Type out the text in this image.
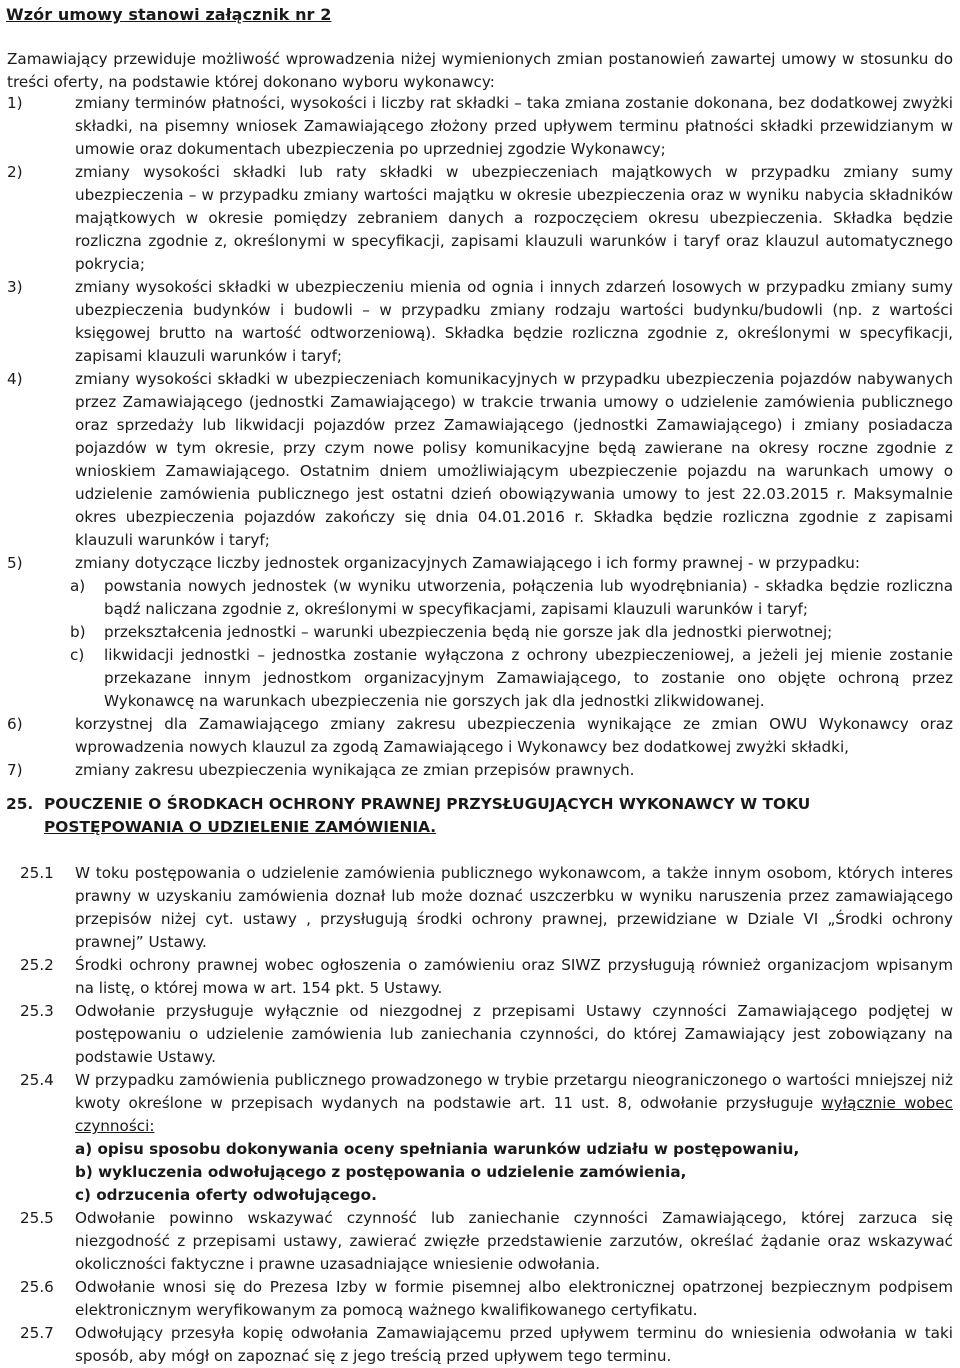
Wzór umowy stanowi załącznik nr 2
Zamawiający przewiduje możliwość wprowadzenia niżej wymienionych zmian postanowień zawartej umowy w stosunku do treści oferty, na podstawie której dokonano wyboru wykonawcy:
1)	zmiany terminów płatności, wysokości i liczby rat składki – taka zmiana zostanie dokonana, bez dodatkowej zwyżki składki, na pisemny wniosek Zamawiającego złożony przed upływem terminu płatności składki przewidzianym w umowie oraz dokumentach ubezpieczenia po uprzedniej zgodzie Wykonawcy;
2)	zmiany wysokości składki lub raty składki w ubezpieczeniach majątkowych w przypadku zmiany sumy ubezpieczenia – w przypadku zmiany wartości majątku w okresie ubezpieczenia oraz w wyniku nabycia składników majątkowych w okresie pomiędzy zebraniem danych a rozpoczęciem okresu ubezpieczenia. Składka będzie rozliczna zgodnie z, określonymi w specyfikacji, zapisami klauzuli warunków i taryf oraz klauzul automatycznego pokrycia;
3)	zmiany wysokości składki w ubezpieczeniu mienia od ognia i innych zdarzeń losowych w przypadku zmiany sumy ubezpieczenia budynków i budowli – w przypadku zmiany rodzaju wartości budynku/budowli (np. z wartości księgowej brutto na wartość odtworzeniową). Składka będzie rozliczna zgodnie z, określonymi w specyfikacji, zapisami klauzuli warunków i taryf;
4)	zmiany wysokości składki w ubezpieczeniach komunikacyjnych w przypadku ubezpieczenia pojazdów nabywanych przez Zamawiającego (jednostki Zamawiającego) w trakcie trwania umowy o udzielenie zamówienia publicznego oraz sprzedaży lub likwidacji pojazdów przez Zamawiającego (jednostki Zamawiającego) i zmiany posiadacza pojazdów w tym okresie, przy czym nowe polisy komunikacyjne będą zawierane na okresy roczne zgodnie z wnioskiem Zamawiającego. Ostatnim dniem umożliwiającym ubezpieczenie pojazdu na warunkach umowy o udzielenie zamówienia publicznego jest ostatni dzień obowiązywania umowy to jest 22.03.2015 r. Maksymalnie okres ubezpieczenia pojazdów zakończy się dnia 04.01.2016 r. Składka będzie rozliczna zgodnie z zapisami klauzuli warunków i taryf;
5)	zmiany dotyczące liczby jednostek organizacyjnych Zamawiającego i ich formy prawnej - w przypadku:
a) powstania nowych jednostek (w wyniku utworzenia, połączenia lub wyodrębniania) - składka będzie rozliczna bądź naliczana zgodnie z, określonymi w specyfikacjami, zapisami klauzuli warunków i taryf;
b) przekształcenia jednostki – warunki ubezpieczenia będą nie gorsze jak dla jednostki pierwotnej;
c) likwidacji jednostki – jednostka zostanie wyłączona z ochrony ubezpieczeniowej, a jeżeli jej mienie zostanie przekazane innym jednostkom organizacyjnym Zamawiającego, to zostanie ono objęte ochroną przez Wykonawcę na warunkach ubezpieczenia nie gorszych jak dla jednostki zlikwidowanej.
6)	korzystnej dla Zamawiającego zmiany zakresu ubezpieczenia wynikające ze zmian OWU Wykonawcy oraz wprowadzenia nowych klauzul za zgodą Zamawiającego i Wykonawcy bez dodatkowej zwyżki składki,
7)	zmiany zakresu ubezpieczenia wynikająca ze zmian przepisów prawnych.
25. POUCZENIE O ŚRODKACH OCHRONY PRAWNEJ PRZYSŁUGUJĄCYCH WYKONAWCY W TOKU
POSTĘPOWANIA O UDZIELENIE ZAMÓWIENIA.
25.1 W toku postępowania o udzielenie zamówienia publicznego wykonawcom, a także innym osobom, których interes prawny w uzyskaniu zamówienia doznał lub może doznać uszczerbku w wyniku naruszenia przez zamawiającego przepisów niżej cyt. ustawy , przysługują środki ochrony prawnej, przewidziane w Dziale VI „Środki ochrony prawnej” Ustawy.
25.2 Środki ochrony prawnej wobec ogłoszenia o zamówieniu oraz SIWZ przysługują również organizacjom wpisanym na listę, o której mowa w art. 154 pkt. 5 Ustawy.
25.3 Odwołanie przysługuje wyłącznie od niezgodnej z przepisami Ustawy czynności Zamawiającego podjętej w postępowaniu o udzielenie zamówienia lub zaniechania czynności, do której Zamawiający jest zobowiązany na podstawie Ustawy.
25.4 W przypadku zamówienia publicznego prowadzonego w trybie przetargu nieograniczonego o wartości mniejszej niż kwoty określone w przepisach wydanych na podstawie art. 11 ust. 8, odwołanie przysługuje wyłącznie wobec czynności:
a) opisu sposobu dokonywania oceny spełniania warunków udziału w postępowaniu,
b) wykluczenia odwołującego z postępowania o udzielenie zamówienia,
c) odrzucenia oferty odwołującego.
25.5 Odwołanie powinno wskazywać czynność lub zaniechanie czynności Zamawiającego, której zarzuca się niezgodność z przepisami ustawy, zawierać zwięzłe przedstawienie zarzutów, określać żądanie oraz wskazywać okoliczności faktyczne i prawne uzasadniające wniesienie odwołania.
25.6 Odwołanie wnosi się do Prezesa Izby w formie pisemnej albo elektronicznej opatrzonej bezpiecznym podpisem elektronicznym weryfikowanym za pomocą ważnego kwalifikowanego certyfikatu.
25.7 Odwołujący przesyła kopię odwołania Zamawiającemu przed upływem terminu do wniesienia odwołania w taki sposób, aby mógł on zapoznać się z jego treścią przed upływem tego terminu.
